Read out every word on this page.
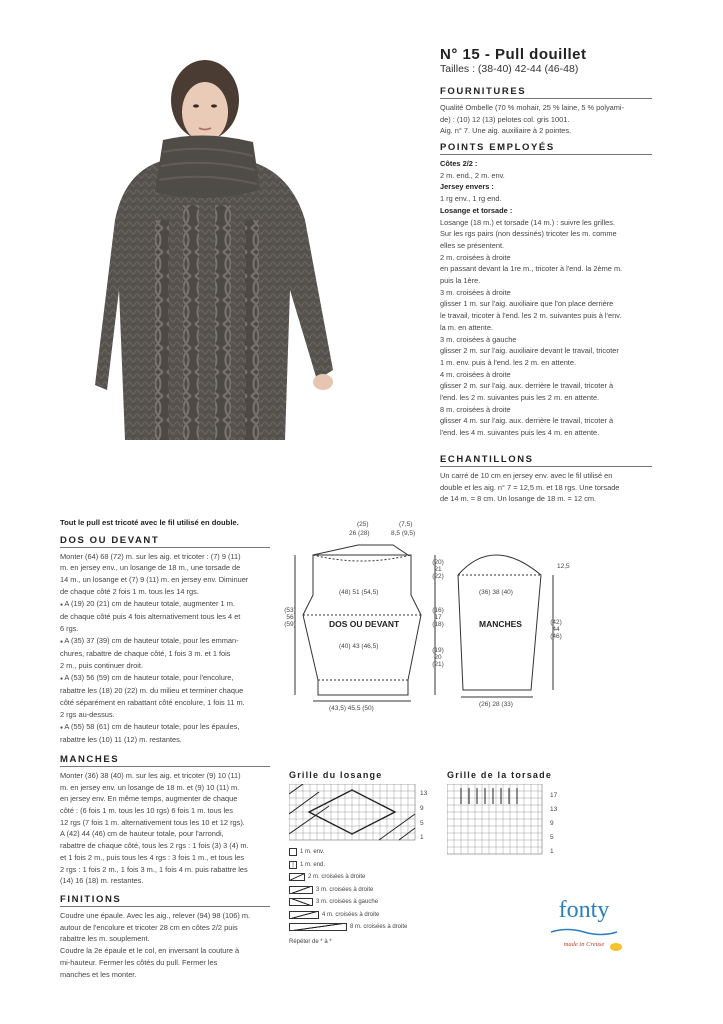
N° 15 - Pull douillet
Tailles : (38-40) 42-44 (46-48)
FOURNITURES

Qualité Ombelle (70 % mohair, 25 % laine, 5 % polyami-

de) : (10) 12 (13) pelotes col. gris 1001.

Aig. n° 7. Une aig. auxiliaire à 2 pointes.

POINTS EMPLOYÉS

Côtes 2/2 :

2 m. end., 2 m. env.

Jersey envers :

1 rg env., 1 rg end.

Losange et torsade :

Losange (18 m.) et torsade (14 m.) : suivre les grilles.

Sur les rgs pairs (non dessinés) tricoter les m. comme

elles se présentent.

2 m. croisées à droite

en passant devant la 1re m., tricoter à l'end. la 2ème m.

puis la 1ère.

3 m. croisées à droite

glisser 1 m. sur l'aig. auxiliaire que l'on place derrière

le travail, tricoter à l'end. les 2 m. suivantes puis à l'env.

la m. en attente.

3 m. croisées à gauche

glisser 2 m. sur l'aig. auxiliaire devant le travail, tricoter

1 m. env. puis à l'end. les 2 m. en attente.

4 m. croisées à droite

glisser 2 m. sur l'aig. aux. derrière le travail, tricoter à

l'end. les 2 m. suivantes puis les 2 m. en attente.

8 m. croisées à droite

glisser 4 m. sur l'aig. aux. derrière le travail, tricoter à

l'end. les 4 m. suivantes puis les 4 m. en attente.

ECHANTILLONS

Un carré de 10 cm en jersey env. avec le fil utilisé en

double et les aig. n° 7 = 12,5 m. et 18 rgs. Une torsade

de 14 m. = 8 cm. Un losange de 18 m. = 12 cm.

Tout le pull est tricoté avec le fil utilisé en double.
DOS OU DEVANT

Monter (64) 68 (72) m. sur les aig. et tricoter : (7) 9 (11)

m. en jersey env., un losange de 18 m., une torsade de

14 m., un losange et (7) 9 (11) m. en jersey env. Diminuer

de chaque côté 2 fois 1 m. tous les 14 rgs.

● A (19) 20 (21) cm de hauteur totale, augmenter 1 m.

de chaque côté puis 4 fois alternativement tous les 4 et

6 rgs.

● A (35) 37 (39) cm de hauteur totale, pour les emman-

chures, rabattre de chaque côté, 1 fois 3 m. et 1 fois

2 m., puis continuer droit.

● A (53) 56 (59) cm de hauteur totale, pour l'encolure,

rabattre les (18) 20 (22) m. du milieu et terminer chaque

côté séparément en rabattant côté encolure, 1 fois 11 m.

2 rgs au-dessus.

● A (55) 58 (61) cm de hauteur totale, pour les épaules,

rabattre les (10) 11 (12) m. restantes.

MANCHES

Monter (36) 38 (40) m. sur les aig. et tricoter (9) 10 (11)

m. en jersey env. un losange de 18 m. et (9) 10 (11) m.

en jersey env. En même temps, augmenter de chaque

côté : (6 fois 1 m. tous les 10 rgs) 6 fois 1 m. tous les

12 rgs (7 fois 1 m. alternativement tous les 10 et 12 rgs).

A (42) 44 (46) cm de hauteur totale, pour l'arrondi,

rabattre de chaque côté, tous les 2 rgs : 1 fois (3) 3 (4) m.

et 1 fois 2 m., puis tous les 4 rgs : 3 fois 1 m., et tous les

2 rgs : 1 fois 2 m., 1 fois 3 m., 1 fois 4 m. puis rabattre les

(14) 16 (18) m. restantes.

FINITIONS

Coudre une épaule. Avec les aig., relever (94) 98 (106) m.

autour de l'encolure et tricoter 28 cm en côtes 2/2 puis

rabattre les m. souplement.

Coudre la 2e épaule et le col, en inversant la couture à

mi-hauteur. Fermer les côtés du pull. Fermer les

manches et les monter.

(25)
26 (28)
(7,5)
8,5 (9,5)
(48) 51 (54,5)
DOS OU DEVANT
(40) 43 (46,5)
(43,5) 45,5 (50)
(53) 56 (59)
(20) 21 (22)
(16) 17 (18)
(19) 20 (21)
12,5
(36) 38 (40)
MANCHES	(42) 44 (46)
(26) 28 (33)
Grille du losange
13
9
5
1
Grille de la torsade
17
13
9
5
1
1 m. env.
|	1 m. end.
2 m. croisées à droite
3 m. croisées à droite
3 m. croisées à gauche
4 m. croisées à droite
8 m. croisées à droite
Répéter de * à *
fonty
made in Creuse
